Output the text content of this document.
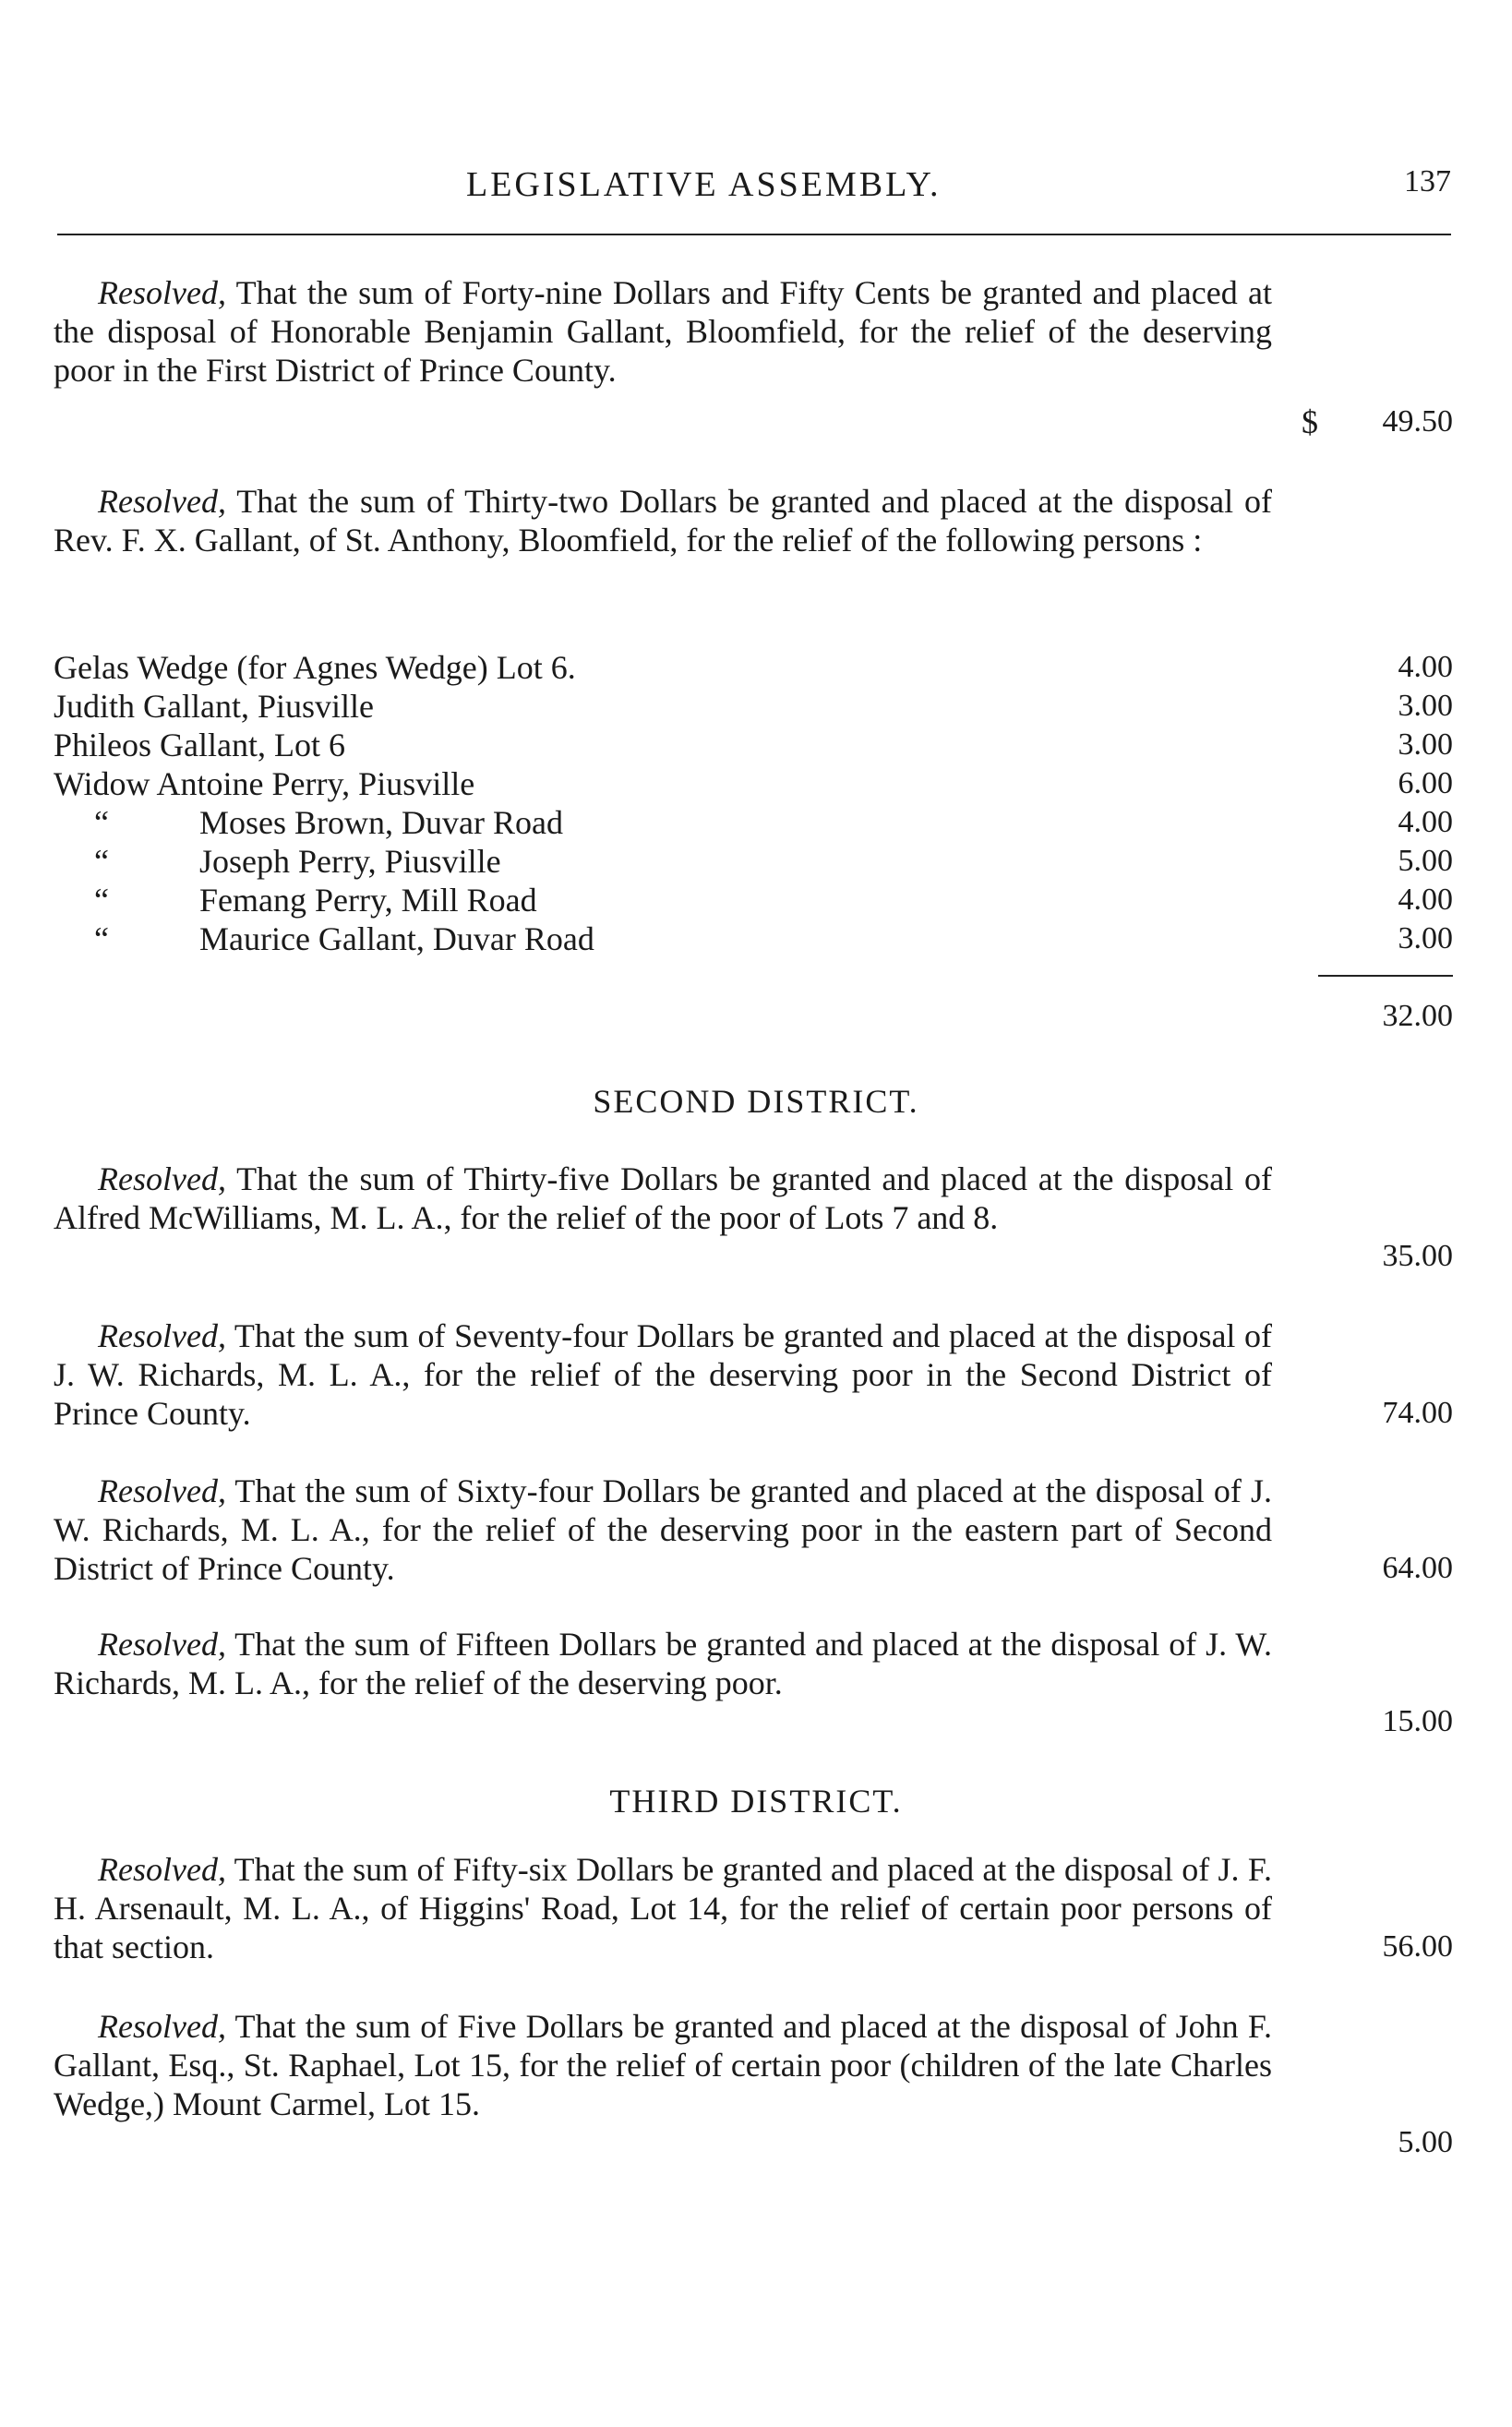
LEGISLATIVE ASSEMBLY.	137

Resolved, That the sum of Forty-nine Dollars and Fifty Cents be granted and placed at the disposal of Honorable Benjamin Gallant, Bloomfield, for the relief of the deserving poor in the First District of Prince County.

$ 49.50

Resolved, That the sum of Thirty-two Dollars be granted and placed at the disposal of Rev. F. X. Gallant, of St. Anthony, Bloomfield, for the relief of the following persons :

Gelas Wedge (for Agnes Wedge) Lot 6.	4.00
Judith Gallant, Piusville	3.00
Phileos Gallant, Lot 6	3.00
Widow Antoine Perry, Piusville	6.00
“	Moses Brown, Duvar Road	4.00
“	Joseph Perry, Piusville	5.00
“	Femang Perry, Mill Road	4.00
“	Maurice Gallant, Duvar Road	3.00
32.00
SECOND DISTRICT.

Resolved, That the sum of Thirty-five Dollars be granted and placed at the disposal of Alfred McWilliams, M. L. A., for the relief of the poor of Lots 7 and 8.

35.00

Resolved, That the sum of Seventy-four Dollars be granted and placed at the disposal of J. W. Richards, M. L. A., for the relief of the deserving poor in the Second District of Prince County.	74.00

Resolved, That the sum of Sixty-four Dollars be granted and placed at the disposal of J. W. Richards, M. L. A., for the relief of the deserving poor in the eastern part of Second District of Prince County.	64.00

Resolved, That the sum of Fifteen Dollars be granted and placed at the disposal of J. W. Richards, M. L. A., for the relief of the deserving poor.

15.00
THIRD DISTRICT.

Resolved, That the sum of Fifty-six Dollars be granted and placed at the disposal of J. F. H. Arsenault, M. L. A., of Higgins' Road, Lot 14, for the relief of certain poor persons of that section.	56.00

Resolved, That the sum of Five Dollars be granted and placed at the disposal of John F. Gallant, Esq., St. Raphael, Lot 15, for the relief of certain poor (children of the late Charles Wedge,) Mount Carmel, Lot 15.

5.00
